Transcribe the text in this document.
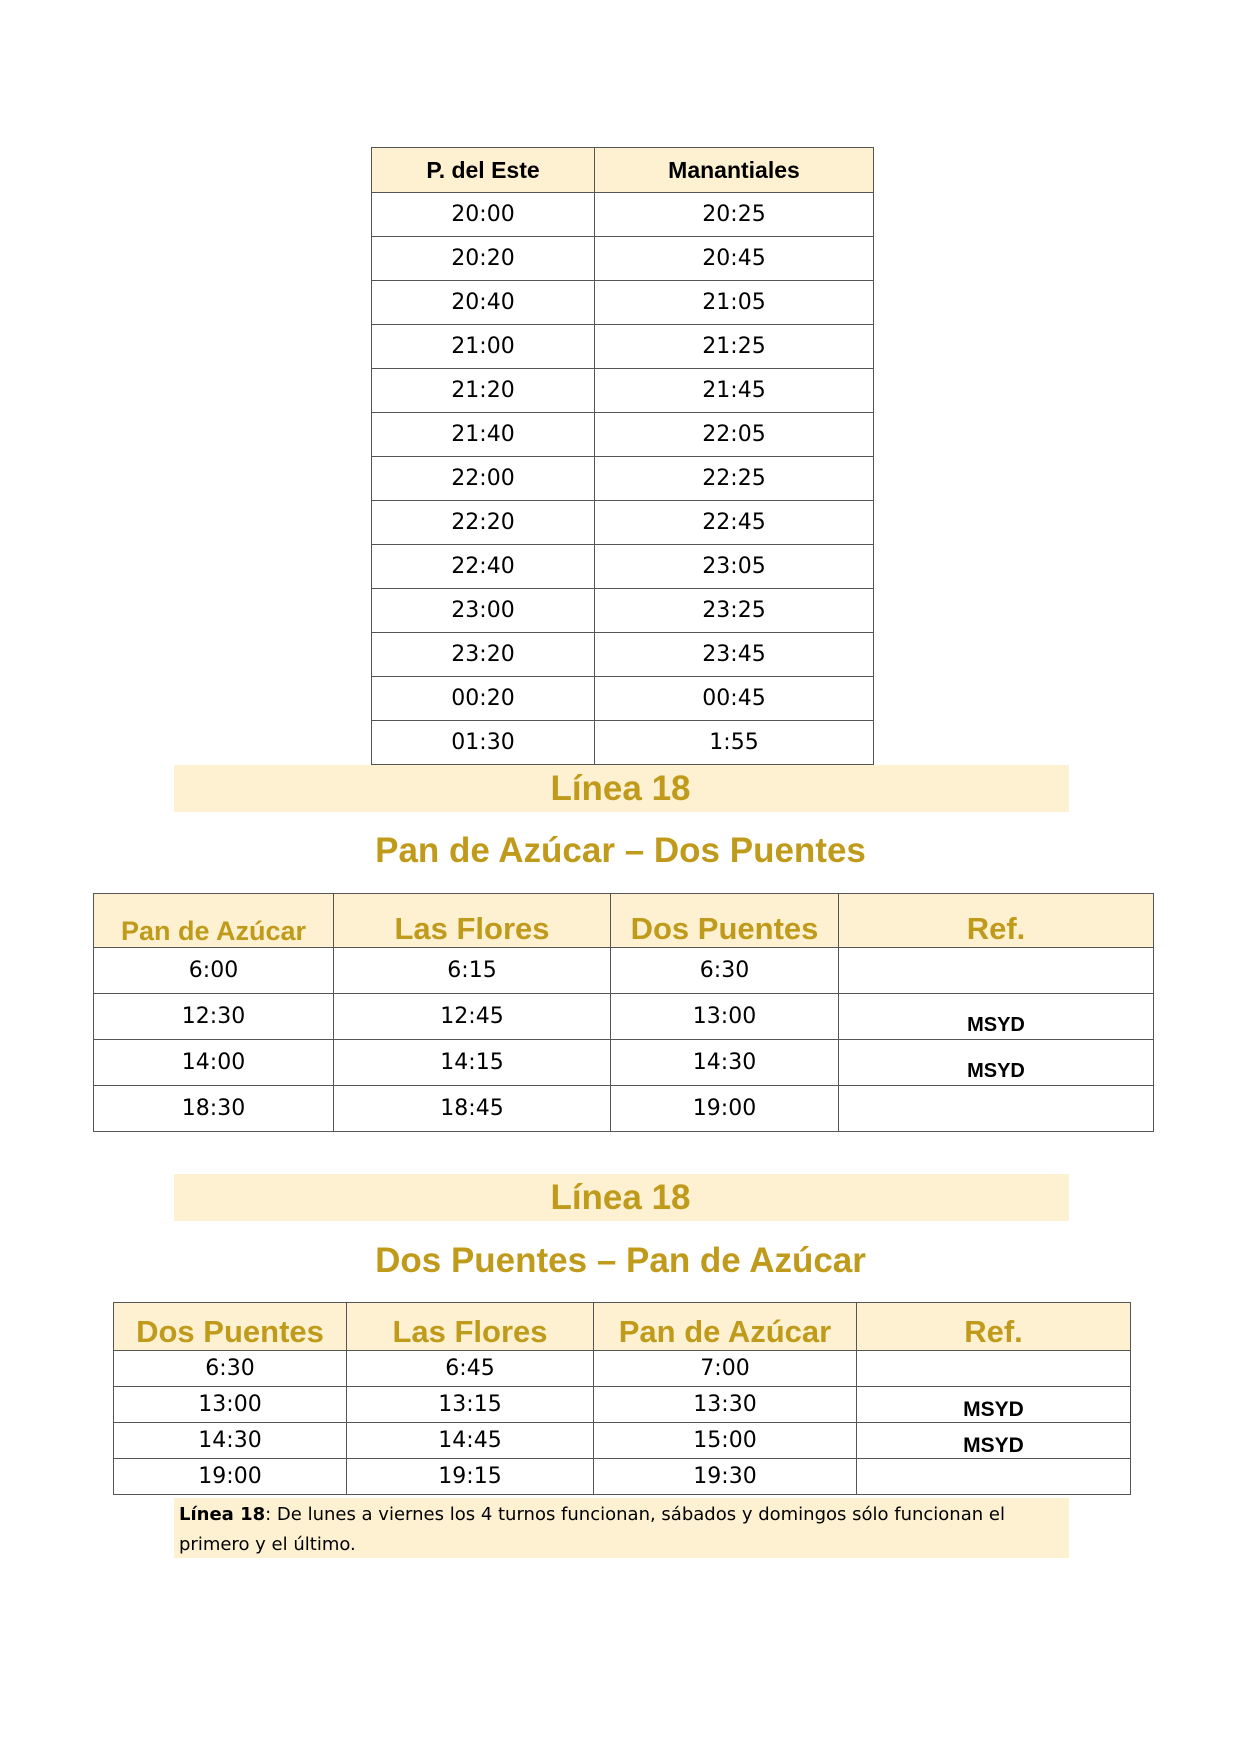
P. del Este	Manantiales
20:00	20:25
20:20	20:45
20:40	21:05
21:00	21:25
21:20	21:45
21:40	22:05
22:00	22:25
22:20	22:45
22:40	23:05
23:00	23:25
23:20	23:45
00:20	00:45
01:30	1:55
Línea 18
Pan de Azúcar – Dos Puentes
Pan de Azúcar	Las Flores	Dos Puentes	Ref.
6:00	6:15	6:30	
12:30	12:45	13:00	MSYD
14:00	14:15	14:30	MSYD
18:30	18:45	19:00	
Línea 18
Dos Puentes – Pan de Azúcar
Dos Puentes	Las Flores	Pan de Azúcar	Ref.
6:30	6:45	7:00	
13:00	13:15	13:30	MSYD
14:30	14:45	15:00	MSYD
19:00	19:15	19:30	
Línea 18: De lunes a viernes los 4 turnos funcionan, sábados y domingos sólo funcionan el primero y el último.
